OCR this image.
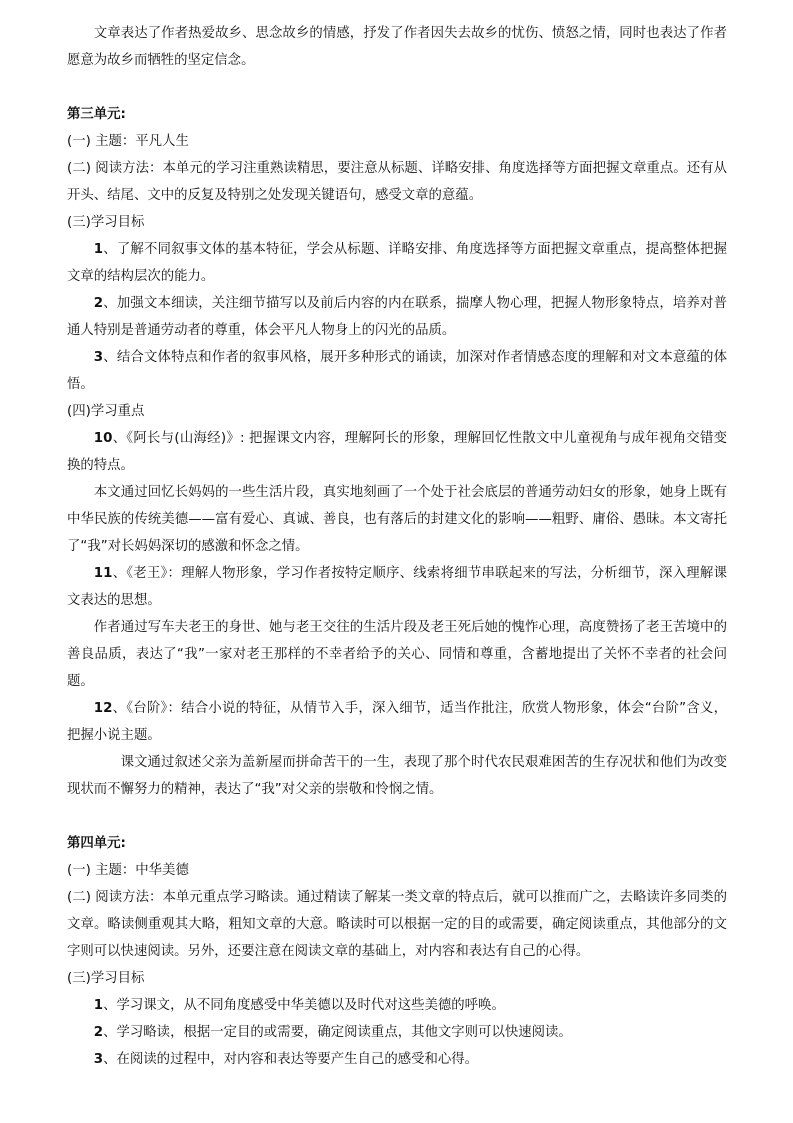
文章表达了作者热爱故乡、思念故乡的情感，抒发了作者因失去故乡的忧伤、愤怒之情，同时也表达了作者愿意为故乡而牺牲的坚定信念。

第三单元:

(一) 主题：平凡人生

(二) 阅读方法：本单元的学习注重熟读精思，要注意从标题、详略安排、角度选择等方面把握文章重点。还有从开头、结尾、文中的反复及特别之处发现关键语句，感受文章的意蕴。

(三)学习目标

1、了解不同叙事文体的基本特征，学会从标题、详略安排、角度选择等方面把握文章重点，提高整体把握文章的结构层次的能力。

2、加强文本细读，关注细节描写以及前后内容的内在联系，揣摩人物心理，把握人物形象特点，培养对普通人特别是普通劳动者的尊重，体会平凡人物身上的闪光的品质。

3、结合文体特点和作者的叙事风格，展开多种形式的诵读，加深对作者情感态度的理解和对文本意蕴的体悟。

(四)学习重点

10、《阿长与(山海经)》: 把握课文内容，理解阿长的形象，理解回忆性散文中儿童视角与成年视角交错变换的特点。

本文通过回忆长妈妈的一些生活片段，真实地刻画了一个处于社会底层的普通劳动妇女的形象，她身上既有中华民族的传统美德——富有爱心、真诚、善良，也有落后的封建文化的影响——粗野、庸俗、愚昧。本文寄托了“我”对长妈妈深切的感激和怀念之情。

11、《老王》：理解人物形象，学习作者按特定顺序、线索将细节串联起来的写法，分析细节，深入理解课文表达的思想。

作者通过写车夫老王的身世、她与老王交往的生活片段及老王死后她的愧怍心理，高度赞扬了老王苦境中的善良品质，表达了“我”一家对老王那样的不幸者给予的关心、同情和尊重，含蓄地提出了关怀不幸者的社会问题。

12、《台阶》：结合小说的特征，从情节入手，深入细节，适当作批注，欣赏人物形象，体会“台阶”含义，把握小说主题。

课文通过叙述父亲为盖新屋而拼命苦干的一生，表现了那个时代农民艰难困苦的生存况状和他们为改变现状而不懈努力的精神，表达了“我”对父亲的崇敬和怜悯之情。

第四单元:

(一) 主题：中华美德

(二) 阅读方法：本单元重点学习略读。通过精读了解某一类文章的特点后，就可以推而广之，去略读许多同类的文章。略读侧重观其大略，粗知文章的大意。略读时可以根据一定的目的或需要，确定阅读重点，其他部分的文字则可以快速阅读。另外，还要注意在阅读文章的基础上，对内容和表达有自己的心得。

(三)学习目标

1、学习课文，从不同角度感受中华美德以及时代对这些美德的呼唤。

2、学习略读，根据一定目的或需要，确定阅读重点，其他文字则可以快速阅读。

3、在阅读的过程中，对内容和表达等要产生自己的感受和心得。
